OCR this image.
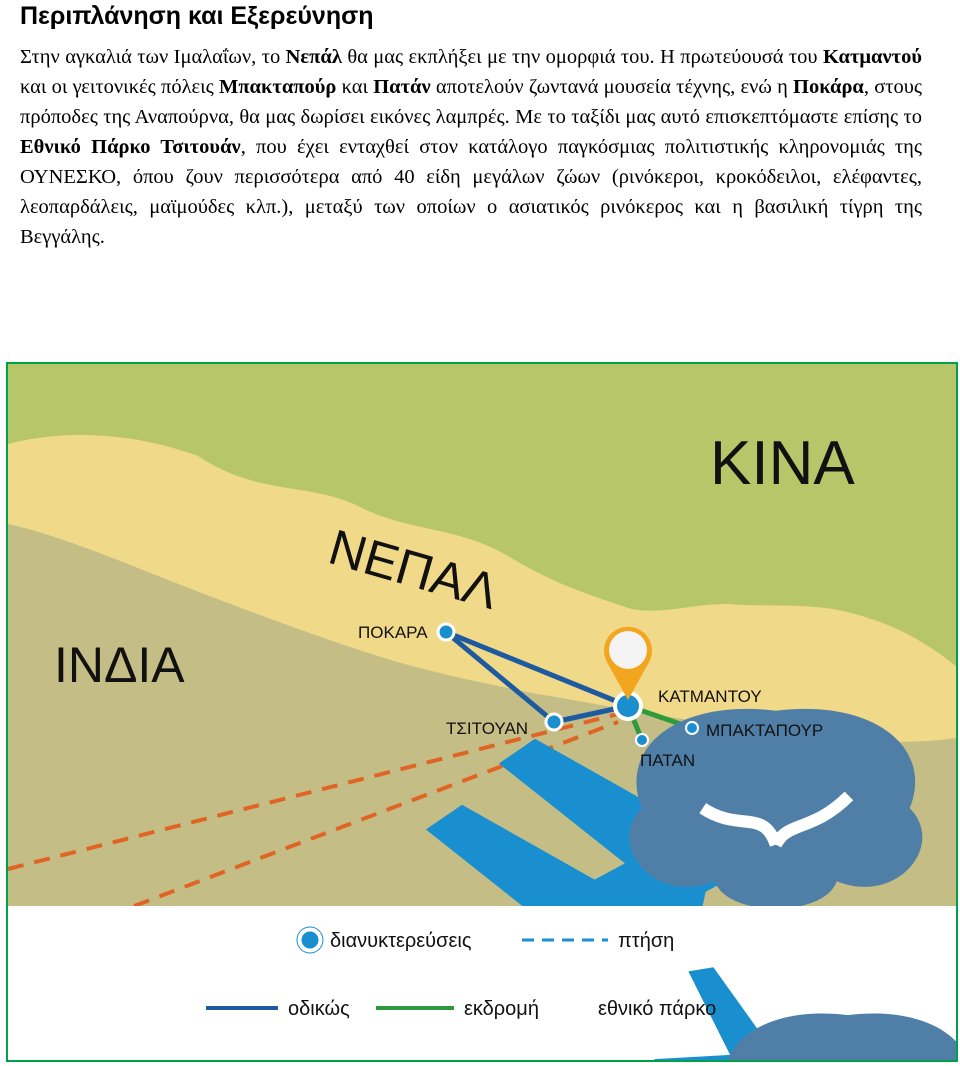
Περιπλάνηση και Εξερεύνηση

Στην αγκαλιά των Ιμαλαΐων, το Νεπάλ θα μας εκπλήξει με την ομορφιά του. Η πρωτεύουσά του Κατμαντού και οι γειτονικές πόλεις Μπακταπούρ και Πατάν αποτελούν ζωντανά μουσεία τέχνης, ενώ η Ποκάρα, στους πρόποδες της Αναπούρνα, θα μας δωρίσει εικόνες λαμπρές. Με το ταξίδι μας αυτό επισκεπτόμαστε επίσης το Εθνικό Πάρκο Τσιτουάν, που έχει ενταχθεί στον κατάλογο παγκόσμιας πολιτιστικής κληρονομιάς της ΟΥΝΕΣΚΟ, όπου ζουν περισσότερα από 40 είδη μεγάλων ζώων (ρινόκεροι, κροκόδειλοι, ελέφαντες, λεοπαρδάλεις, μαϊμούδες κλπ.), μεταξύ των οποίων ο ασιατικός ρινόκερος και η βασιλική τίγρη της Βεγγάλης.

ΚΙΝΑ
ΝΕΠΑΛ
ΙΝΔΙΑ
ΠΟΚΑΡΑ
ΤΣΙΤΟΥΑΝ
ΚΑΤΜΑΝΤΟΥ
ΜΠΑΚΤΑΠΟΥΡ
ΠΑΤΑΝ
διανυκτερεύσεις	πτήση
οδικώς	εκδρομή	εθνικό πάρκο
